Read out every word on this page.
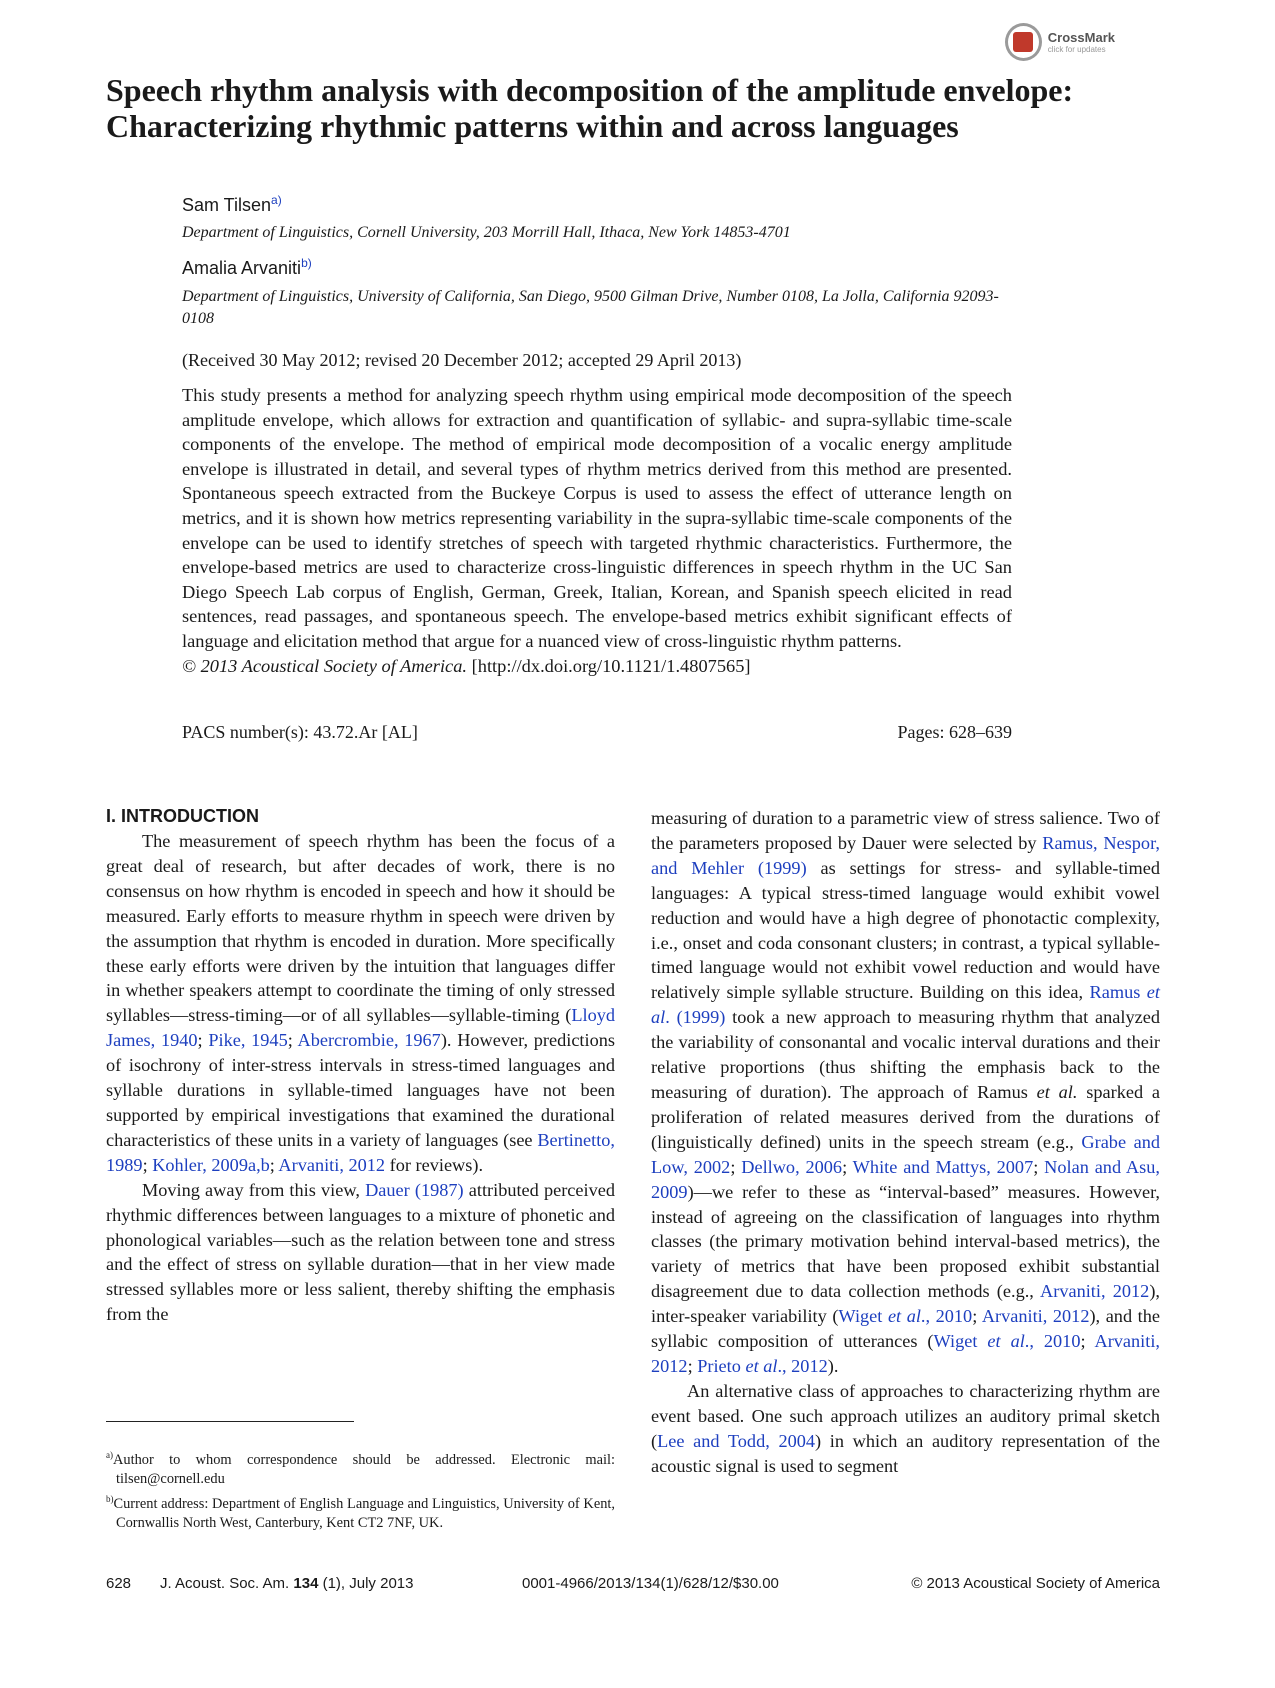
CrossMark
click for updates
Speech rhythm analysis with decomposition of the amplitude envelope: Characterizing rhythmic patterns within and across languages
Sam Tilsen$^{a)}$
Department of Linguistics, Cornell University, 203 Morrill Hall, Ithaca, New York 14853-4701
Amalia Arvaniti$^{b)}$
Department of Linguistics, University of California, San Diego, 9500 Gilman Drive, Number 0108, La Jolla, California 92093-0108
(Received 30 May 2012; revised 20 December 2012; accepted 29 April 2013)
This study presents a method for analyzing speech rhythm using empirical mode decomposition of the speech amplitude envelope, which allows for extraction and quantification of syllabic- and supra-syllabic time-scale components of the envelope. The method of empirical mode decomposition of a vocalic energy amplitude envelope is illustrated in detail, and several types of rhythm metrics derived from this method are presented. Spontaneous speech extracted from the Buckeye Corpus is used to assess the effect of utterance length on metrics, and it is shown how metrics representing variability in the supra-syllabic time-scale components of the envelope can be used to identify stretches of speech with targeted rhythmic characteristics. Furthermore, the envelope-based metrics are used to characterize cross-linguistic differences in speech rhythm in the UC San Diego Speech Lab corpus of English, German, Greek, Italian, Korean, and Spanish speech elicited in read sentences, read passages, and spontaneous speech. The envelope-based metrics exhibit significant effects of language and elicitation method that argue for a nuanced view of cross-linguistic rhythm patterns.
© 2013 Acoustical Society of America. [http://dx.doi.org/10.1121/1.4807565]
PACS number(s): 43.72.Ar [AL]	Pages: 628–639
I. INTRODUCTION

The measurement of speech rhythm has been the focus of a great deal of research, but after decades of work, there is no consensus on how rhythm is encoded in speech and how it should be measured. Early efforts to measure rhythm in speech were driven by the assumption that rhythm is encoded in duration. More specifically these early efforts were driven by the intuition that languages differ in whether speakers attempt to coordinate the timing of only stressed syllables—stress-timing—or of all syllables—syllable-timing (Lloyd James, 1940; Pike, 1945; Abercrombie, 1967). However, predictions of isochrony of inter-stress intervals in stress-timed languages and syllable durations in syllable-timed languages have not been supported by empirical investigations that examined the durational characteristics of these units in a variety of languages (see Bertinetto, 1989; Kohler, 2009a,b; Arvaniti, 2012 for reviews).

Moving away from this view, Dauer (1987) attributed perceived rhythmic differences between languages to a mixture of phonetic and phonological variables—such as the relation between tone and stress and the effect of stress on syllable duration—that in her view made stressed syllables more or less salient, thereby shifting the emphasis from the

measuring of duration to a parametric view of stress salience. Two of the parameters proposed by Dauer were selected by Ramus, Nespor, and Mehler (1999) as settings for stress- and syllable-timed languages: A typical stress-timed language would exhibit vowel reduction and would have a high degree of phonotactic complexity, i.e., onset and coda consonant clusters; in contrast, a typical syllable-timed language would not exhibit vowel reduction and would have relatively simple syllable structure. Building on this idea, Ramus et al. (1999) took a new approach to measuring rhythm that analyzed the variability of consonantal and vocalic interval durations and their relative proportions (thus shifting the emphasis back to the measuring of duration). The approach of Ramus et al. sparked a proliferation of related measures derived from the durations of (linguistically defined) units in the speech stream (e.g., Grabe and Low, 2002; Dellwo, 2006; White and Mattys, 2007; Nolan and Asu, 2009)—we refer to these as “interval-based” measures. However, instead of agreeing on the classification of languages into rhythm classes (the primary motivation behind interval-based metrics), the variety of metrics that have been proposed exhibit substantial disagreement due to data collection methods (e.g., Arvaniti, 2012), inter-speaker variability (Wiget et al., 2010; Arvaniti, 2012), and the syllabic composition of utterances (Wiget et al., 2010; Arvaniti, 2012; Prieto et al., 2012).

An alternative class of approaches to characterizing rhythm are event based. One such approach utilizes an auditory primal sketch (Lee and Todd, 2004) in which an auditory representation of the acoustic signal is used to segment

$^{a)}$Author to whom correspondence should be addressed. Electronic mail: tilsen@cornell.edu
$^{b)}$Current address: Department of English Language and Linguistics, University of Kent, Cornwallis North West, Canterbury, Kent CT2 7NF, UK.
628 J. Acoust. Soc. Am. 134 (1), July 2013	0001-4966/2013/134(1)/628/12/$30.00	© 2013 Acoustical Society of America
